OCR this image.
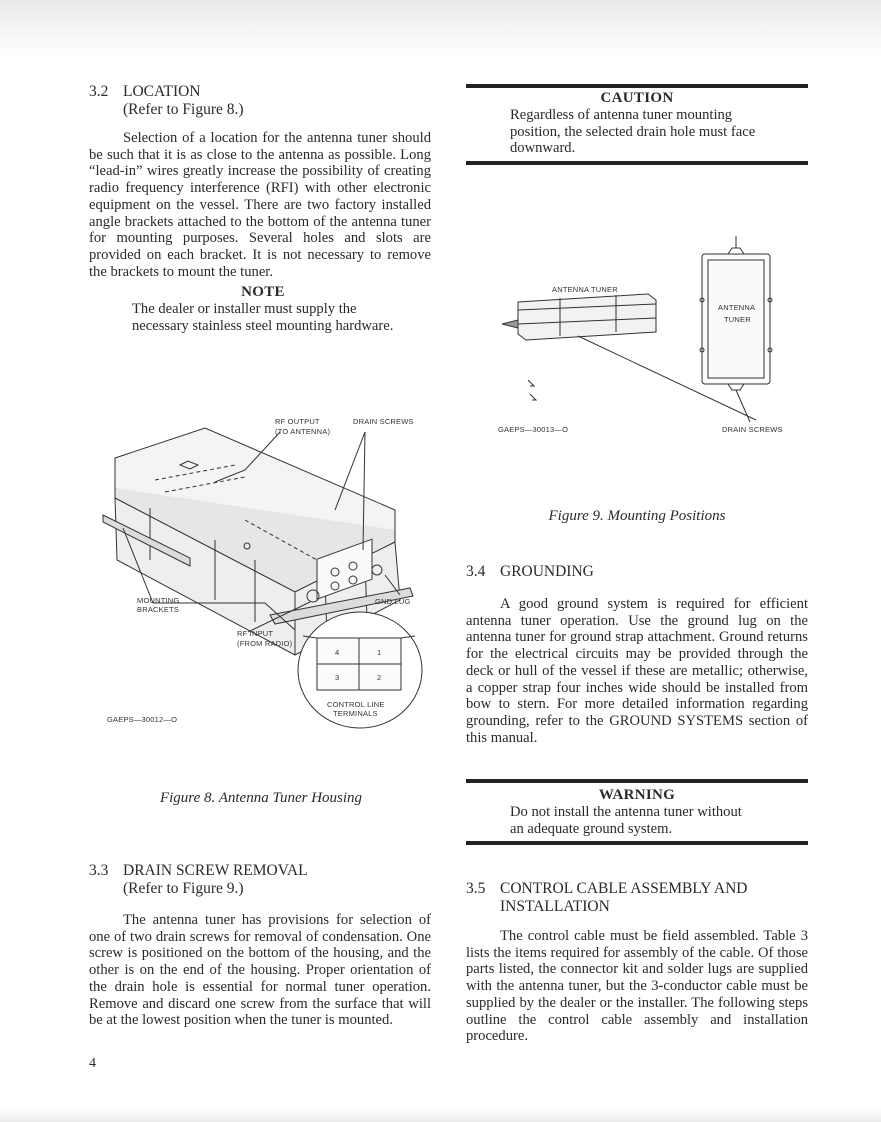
3.2 LOCATION
(Refer to Figure 8.)

Selection of a location for the antenna tuner should be such that it is as close to the antenna as possible. Long “lead-in” wires greatly increase the possibility of creating radio frequency interference (RFI) with other electronic equipment on the vessel. There are two factory installed angle brackets attached to the bottom of the antenna tuner for mounting purposes. Several holes and slots are provided on each bracket. It is not necessary to remove the brackets to mount the tuner.

NOTE
The dealer or installer must supply the necessary stainless steel mounting hardware.
RF OUTPUT
(TO ANTENNA)
DRAIN SCREWS
MOUNTING
BRACKETS
GND LUG
RF INPUT
(FROM RADIO)
4	1
3	2
CONTROL LINE
TERMINALS
GAEPS—30012—O
Figure 8. Antenna Tuner Housing
3.3 DRAIN SCREW REMOVAL
(Refer to Figure 9.)

The antenna tuner has provisions for selection of one of two drain screws for removal of condensation. One screw is positioned on the bottom of the housing, and the other is on the end of the housing. Proper orientation of the drain hole is essential for normal tuner operation. Remove and discard one screw from the surface that will be at the lowest position when the tuner is mounted.

4
CAUTION
Regardless of antenna tuner mounting position, the selected drain hole must face downward.
ANTENNA TUNER
ANTENNA
TUNER
DRAIN SCREWS
GAEPS—30013—O
Figure 9. Mounting Positions
3.4 GROUNDING

A good ground system is required for efficient antenna tuner operation. Use the ground lug on the antenna tuner for ground strap attachment. Ground returns for the electrical circuits may be provided through the deck or hull of the vessel if these are metallic; otherwise, a copper strap four inches wide should be installed from bow to stern. For more detailed information regarding grounding, refer to the GROUND SYSTEMS section of this manual.

WARNING
Do not install the antenna tuner without
an adequate ground system.
3.5 CONTROL CABLE ASSEMBLY AND
INSTALLATION

The control cable must be field assembled. Table 3 lists the items required for assembly of the cable. Of those parts listed, the connector kit and solder lugs are supplied with the antenna tuner, but the 3-conductor cable must be supplied by the dealer or the installer. The following steps outline the control cable assembly and installation procedure.
